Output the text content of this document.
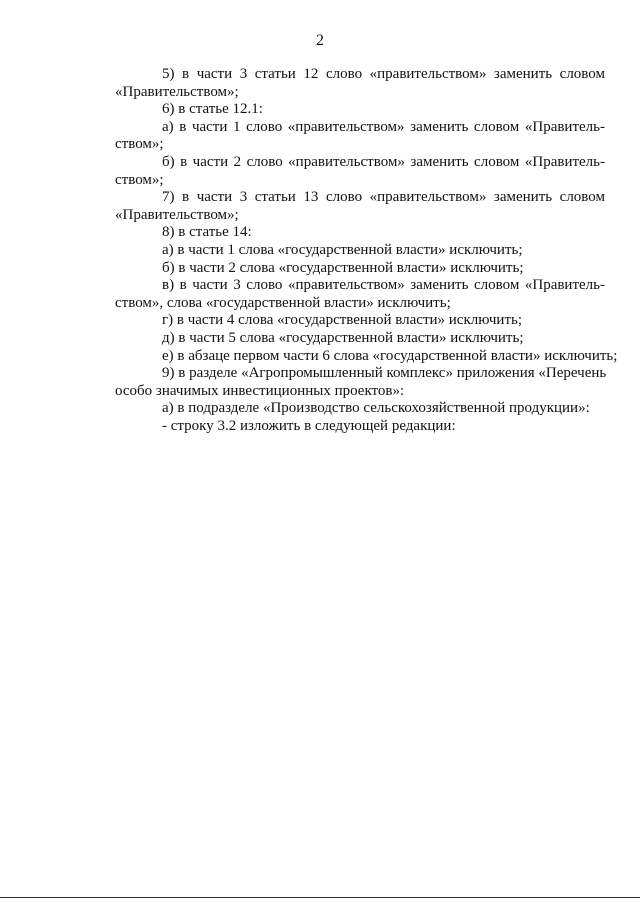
2
5) в части 3 статьи 12 слово «правительством» заменить словом
«Правительством»;
6) в статье 12.1:
а) в части 1 слово «правительством» заменить словом «Правитель-
ством»;
б) в части 2 слово «правительством» заменить словом «Правитель-
ством»;
7) в части 3 статьи 13 слово «правительством» заменить словом
«Правительством»;
8) в статье 14:
а) в части 1 слова «государственной власти» исключить;
б) в части 2 слова «государственной власти» исключить;
в) в части 3 слово «правительством» заменить словом «Правитель-
ством», слова «государственной власти» исключить;
г) в части 4 слова «государственной власти» исключить;
д) в части 5 слова «государственной власти» исключить;
е) в абзаце первом части 6 слова «государственной власти» исключить;
9) в разделе «Агропромышленный комплекс» приложения «Перечень
особо значимых инвестиционных проектов»:
а) в подразделе «Производство сельскохозяйственной продукции»:
- строку 3.2 изложить в следующей редакции:
